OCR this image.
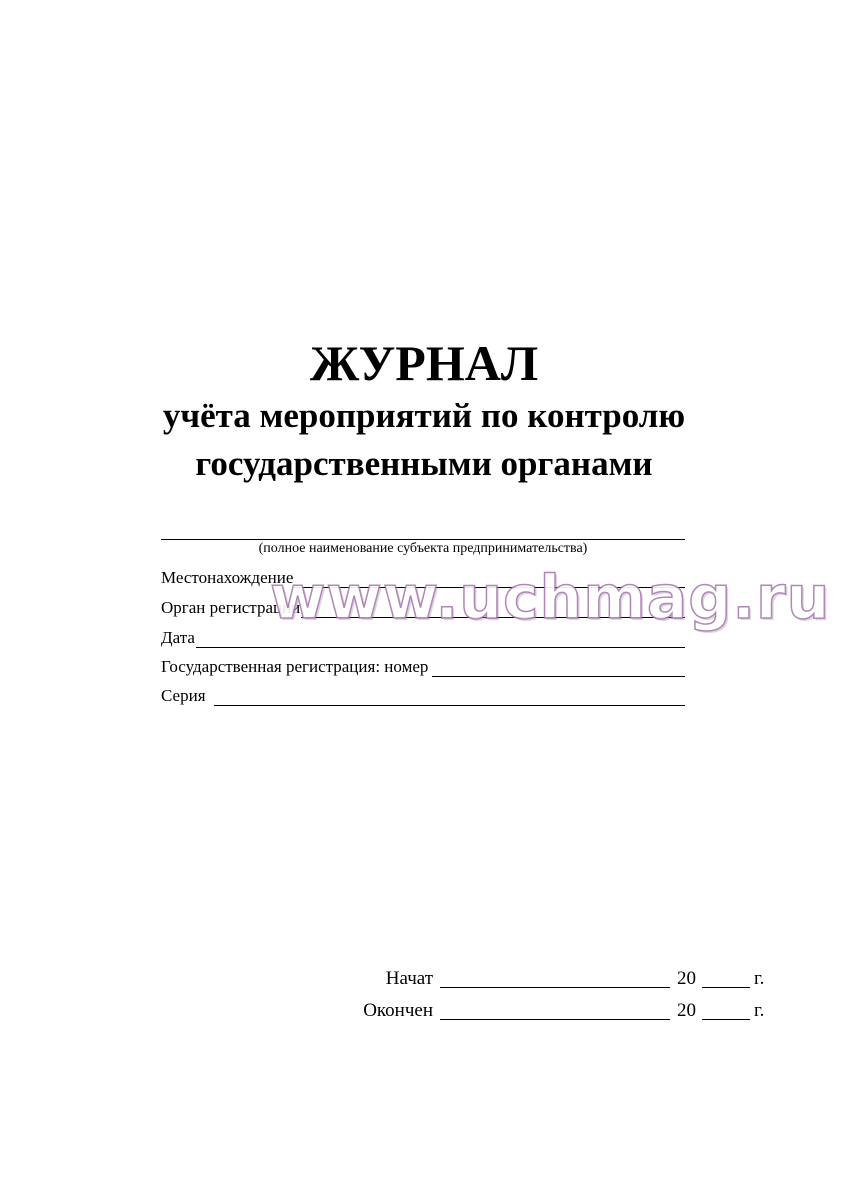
ЖУРНАЛ
учёта мероприятий по контролю
государственными органами
(полное наименование субъекта предпринимательства)
Местонахождение
Орган регистрации
Дата
Государственная регистрация: номер
Серия
www.uchmag.ru
Начат	20	г.
Окончен	20	г.
